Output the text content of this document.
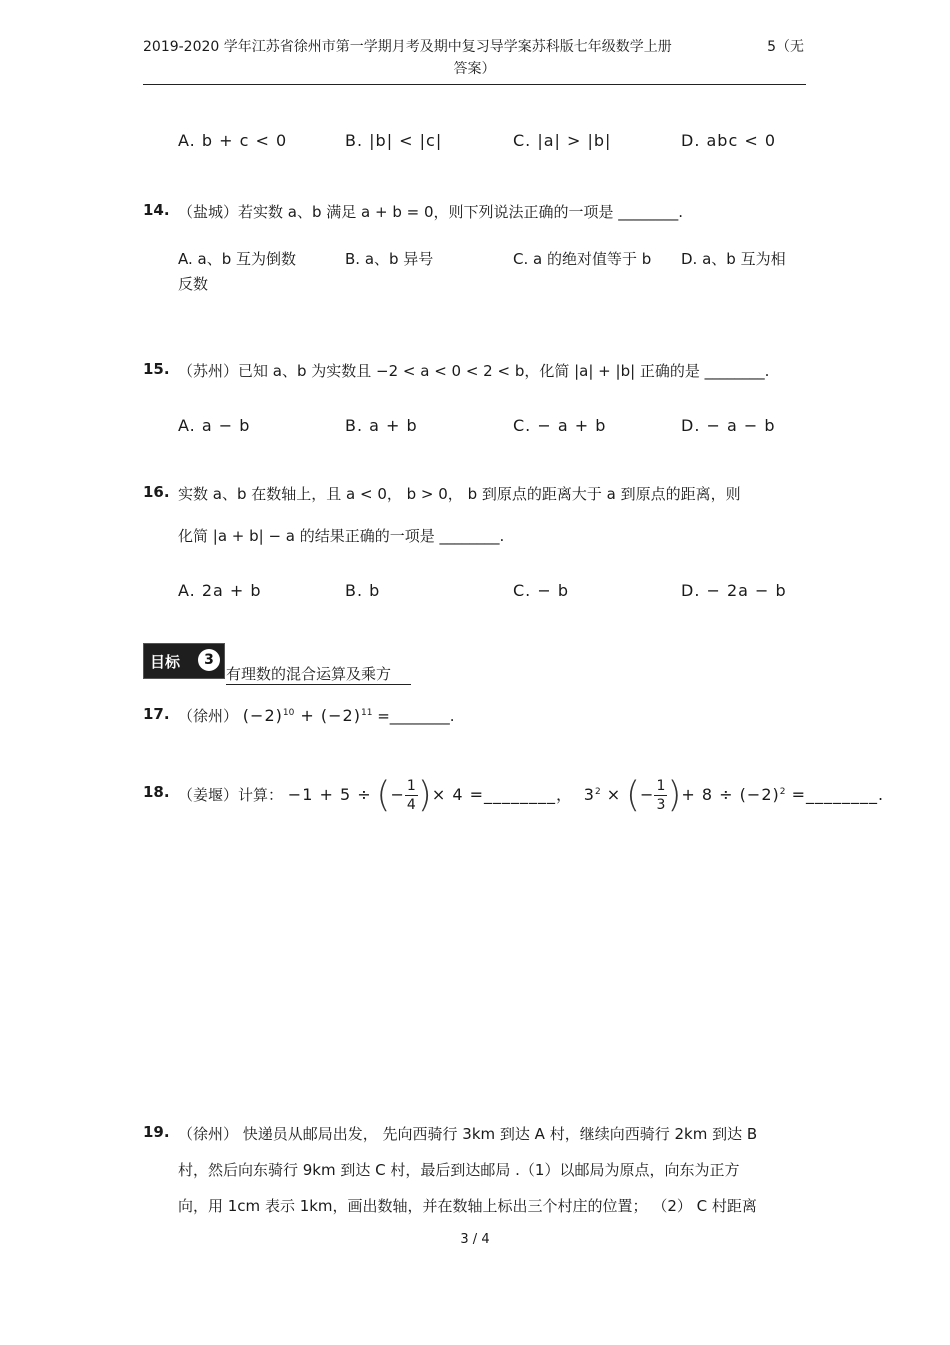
2019-2020 学年江苏省徐州市第一学期月考及期中复习导学案苏科版七年级数学上册	5（无
答案）
A. b + c < 0	B. |b| < |c|	C. |a| > |b|	D. abc < 0
14. （盐城）若实数 a、b 满足 a + b = 0，则下列说法正确的一项是 ________.
A. a、b 互为倒数	B. a、b 异号	C. a 的绝对值等于 b D. a、b 互为相
反数
15. （苏州）已知 a、b 为实数且 −2 < a < 0 < 2 < b，化简 |a| + |b| 正确的是 ________.
A. a − b	B. a + b	C. − a + b	D. − a − b
16. 实数 a、b 在数轴上，且 a < 0， b > 0， b 到原点的距离大于 a 到原点的距离，则
化简 |a + b| − a 的结果正确的一项是 ________.
A. 2a + b	B. b	C. − b	D. − 2a − b
目标	3
有理数的混合运算及乘方
17. （徐州） $(-2)^{10} + (-2)^{11}$ =________.
18. （姜堰）计算： −1 + 5 ÷ (− $\frac{1}{4}$ )× 4 =________， $3^2$ × (− $\frac{1}{3}$ )+ $8 \div (-2)^2$ =________.
19. （徐州） 快递员从邮局出发， 先向西骑行 3km 到达 A 村，继续向西骑行 2km 到达 B
村，然后向东骑行 9km 到达 C 村，最后到达邮局 .（1）以邮局为原点，向东为正方
向，用 1cm 表示 1km，画出数轴，并在数轴上标出三个村庄的位置； （2） C 村距离
3 / 4
